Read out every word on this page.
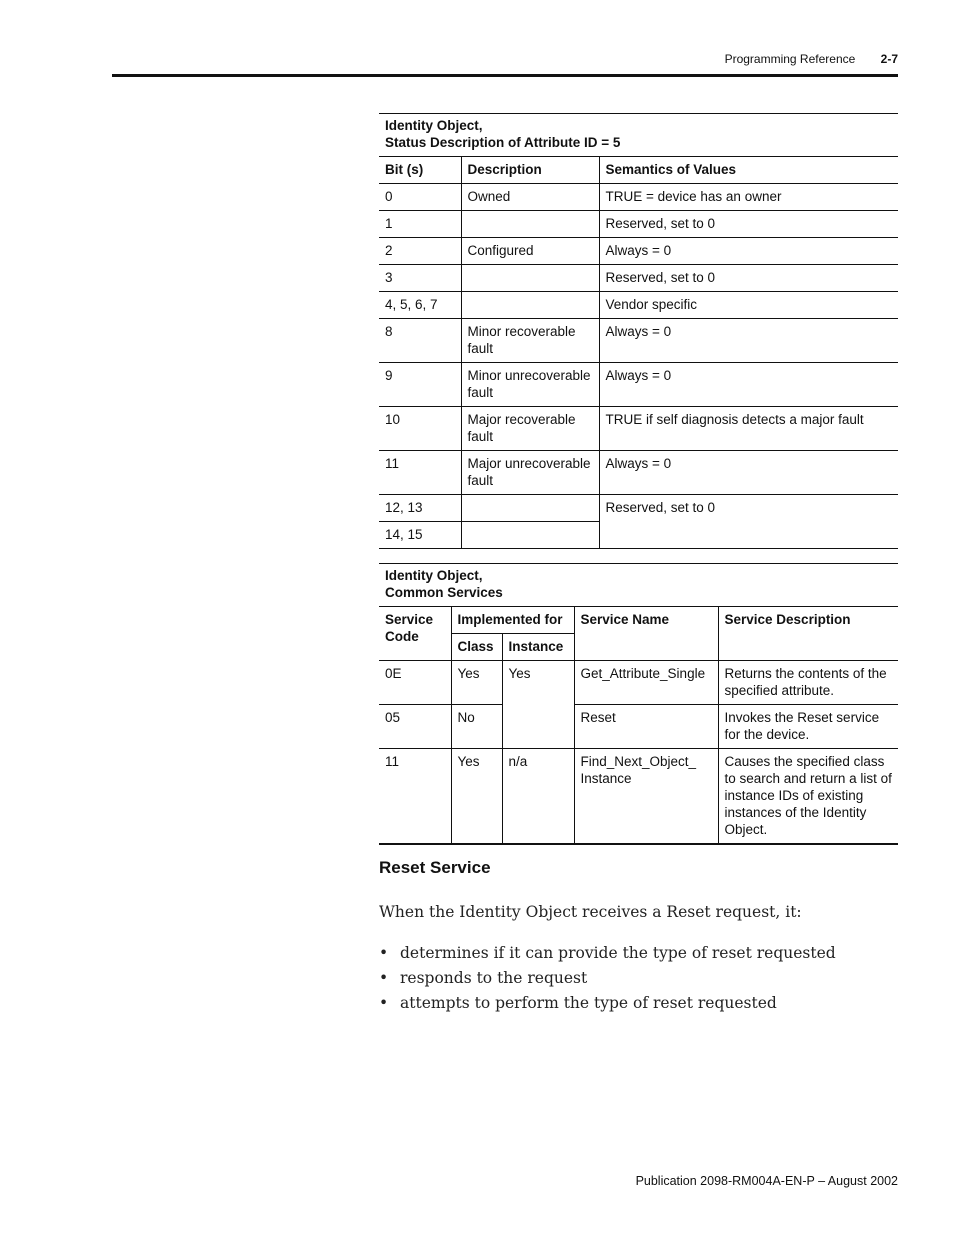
Programming Reference 2-7
Identity Object,
Status Description of Attribute ID = 5		
Bit (s)	Description	Semantics of Values
0	Owned	TRUE = device has an owner
1		Reserved, set to 0
2	Configured	Always = 0
3		Reserved, set to 0
4, 5, 6, 7		Vendor specific
8	Minor recoverable fault	Always = 0
9	Minor unrecoverable fault	Always = 0
10	Major recoverable fault	TRUE if self diagnosis detects a major fault
11	Major unrecoverable fault	Always = 0
12, 13		Reserved, set to 0
14, 15		
Identity Object,
Common Services				
Service Code	Implemented for		Service Name	Service Description
	Class	Instance		
0E	Yes	Yes	Get_Attribute_Single	Returns the contents of the specified attribute.
05	No		Reset	Invokes the Reset service for the device.
11	Yes	n/a	Find_Next_Object_ Instance	Causes the specified class to search and return a list of instance IDs of existing instances of the Identity Object.
Reset Service
When the Identity Object receives a Reset request, it:
• determines if it can provide the type of reset requested
• responds to the request
• attempts to perform the type of reset requested
Publication 2098-RM004A-EN-P – August 2002
